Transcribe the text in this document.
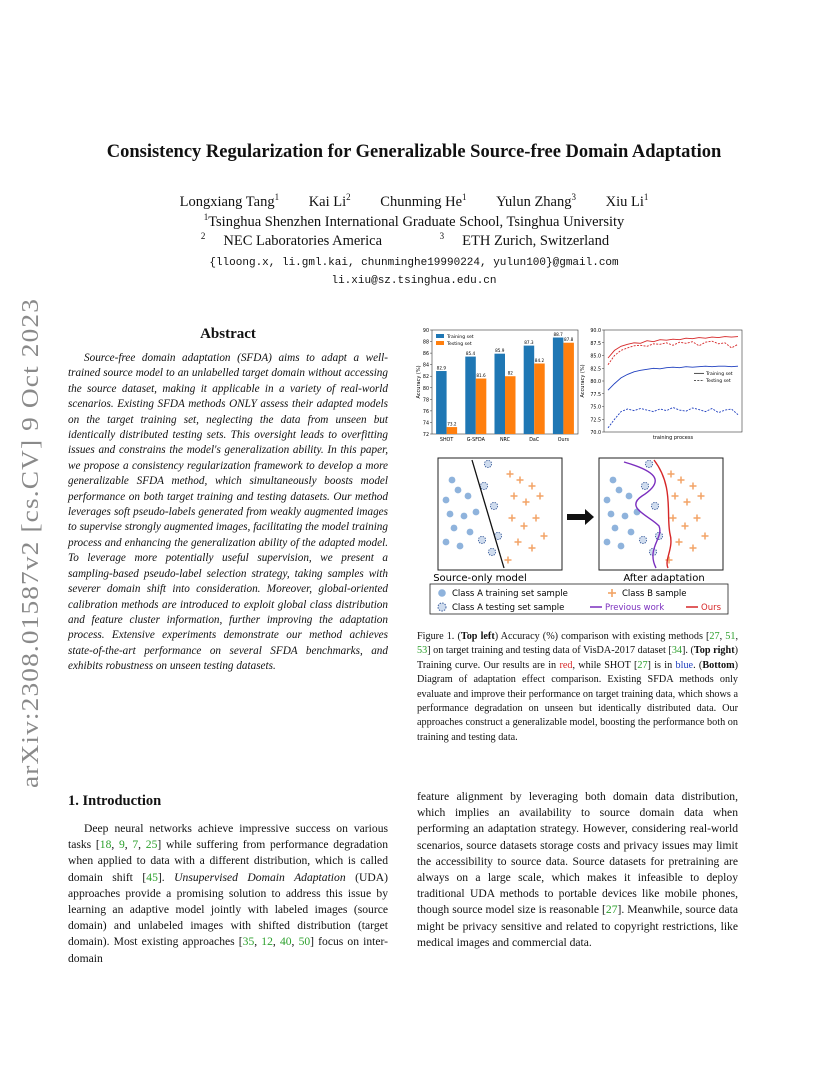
arXiv:2308.01587v2 [cs.CV] 9 Oct 2023
Consistency Regularization for Generalizable Source-free Domain Adaptation
Longxiang Tang$^1$ Kai Li$^2$ Chunming He$^1$ Yulun Zhang$^3$ Xiu Li$^1$
$^1$Tsinghua Shenzhen International Graduate School, Tsinghua University
$^2$ NEC Laboratories America	$^3$ ETH Zurich, Switzerland
{lloong.x, li.gml.kai, chunminghe19990224, yulun100}@gmail.com
li.xiu@sz.tsinghua.edu.cn
Abstract
Source-free domain adaptation (SFDA) aims to adapt a well-trained source model to an unlabelled target domain without accessing the source dataset, making it applicable in a variety of real-world scenarios. Existing SFDA methods ONLY assess their adapted models on the target training set, neglecting the data from unseen but identically distributed testing sets. This oversight leads to overfitting issues and constrains the model's generalization ability. In this paper, we propose a consistency regularization framework to develop a more generalizable SFDA method, which simultaneously boosts model performance on both target training and testing datasets. Our method leverages soft pseudo-labels generated from weakly augmented images to supervise strongly augmented images, facilitating the model training process and enhancing the generalization ability of the adapted model. To leverage more potentially useful supervision, we present a sampling-based pseudo-label selection strategy, taking samples with severer domain shift into consideration. Moreover, global-oriented calibration methods are introduced to exploit global class distribution and feature cluster information, further improving the adaptation process. Extensive experiments demonstrate our method achieves state-of-the-art performance on several SFDA benchmarks, and exhibits robustness on unseen testing datasets.
1. Introduction
Deep neural networks achieve impressive success on various tasks [18, 9, 7, 25] while suffering from performance degradation when applied to data with a different distribution, which is called domain shift [45]. Unsupervised Domain Adaptation (UDA) approaches provide a promising solution to address this issue by learning an adaptive model jointly with labeled images (source domain) and unlabeled images with shifted distribution (target domain). Most existing approaches [35, 12, 40, 50] focus on inter-domain
feature alignment by leveraging both domain data distribution, which implies an availability to source domain data when performing an adaptation strategy. However, considering real-world scenarios, source datasets storage costs and privacy issues may limit the accessibility to source data. Source datasets for pretraining are always on a large scale, which makes it infeasible to deploy traditional UDA methods to portable devices like mobile phones, though source model size is reasonable [27]. Meanwhile, source data might be privacy sensitive and related to copyright restrictions, like medical images and commercial data.
Figure 1. (Top left) Accuracy (%) comparison with existing methods [27, 51, 53] on target training and testing data of VisDA-2017 dataset [34]. (Top right) Training curve. Our results are in red, while SHOT [27] is in blue. (Bottom) Diagram of adaptation effect comparison. Existing SFDA methods only evaluate and improve their performance on target training data, which shows a performance degradation on unseen but identically distributed data. Our approaches construct a generalizable model, boosting the performance both on training and testing data.
72
74
76
78
80
82
84
86
88
90
Accuracy (%)	82.9
73.2
SHOT
85.4
81.6
G-SFDA
85.9
82
NRC
87.3
84.2
DaC
88.7
87.8
Ours
Training set
Testing set
70.0
72.5
75.0
77.5
80.0
82.5
85.0
87.5
90.0
Accuracy (%)
training process
Training set
Testing set
Source-only model	After adaptation
Class A training set sample	Class B sample
Class A testing set sample	Previous work	Ours
